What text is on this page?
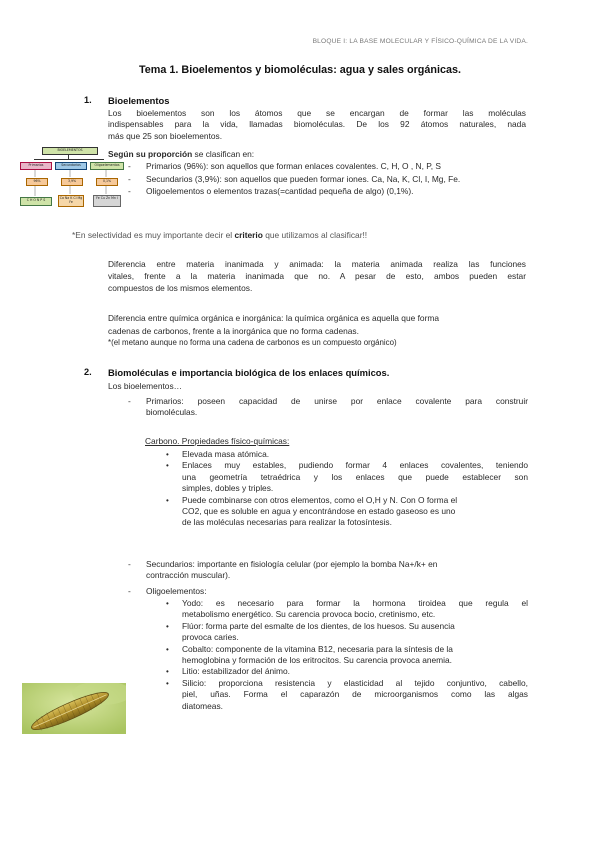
BLOQUE I: LA BASE MOLECULAR Y FÍSICO-QUÍMICA DE LA VIDA.
Tema 1. Bioelementos y biomoléculas: agua y sales orgánicas.
1. Bioelementos
Los bioelementos son los átomos que se encargan de formar las moléculas
indispensables para la vida, llamadas biomoléculas. De los 92 átomos naturales, nada
más que 25 son bioelementos.
Según su proporción se clasifican en:
-	Primarios (96%): son aquellos que forman enlaces covalentes. C, H, O , N, P, S
-	Secundarios (3,9%): son aquellos que pueden formar iones. Ca, Na, K, Cl, I, Mg, Fe.
-	Oligoelementos o elementos trazas(=cantidad pequeña de algo) (0,1%).
BIOELEMENTOS
Primarios	Secundarios	Oligoelementos
96%	3,9%	0,1%
C H O N P S	Ca Na K Cl Mg Fe
Fe Cu Zn Mn I
*En selectividad es muy importante decir el criterio que utilizamos al clasificar!!
Diferencia entre materia inanimada y animada: la materia animada realiza las funciones
vitales, frente a la materia inanimada que no. A pesar de esto, ambos pueden estar
compuestos de los mismos elementos.
Diferencia entre química orgánica e inorgánica: la química orgánica es aquella que forma
cadenas de carbonos, frente a la inorgánica que no forma cadenas.
*(el metano aunque no forma una cadena de carbonos es un compuesto orgánico)
2. Biomoléculas e importancia biológica de los enlaces químicos.
Los bioelementos…
-	Primarios: poseen capacidad de unirse por enlace covalente para construir
biomoléculas.
Carbono. Propiedades físico-químicas:
•	Elevada masa atómica.
•	Enlaces muy estables, pudiendo formar 4 enlaces covalentes, teniendo
una geometría tetraédrica y los enlaces que puede establecer son
simples, dobles y triples.
•	Puede combinarse con otros elementos, como el O,H y N. Con O forma el
CO2, que es soluble en agua y encontrándose en estado gaseoso es uno
de las moléculas necesarias para realizar la fotosíntesis.
-	Secundarios: importante en fisiología celular (por ejemplo la bomba Na+/k+ en
contracción muscular).
-	Oligoelementos:
•	Yodo: es necesario para formar la hormona tiroidea que regula el
metabolismo energético. Su carencia provoca bocio, cretinismo, etc.
•	Flúor: forma parte del esmalte de los dientes, de los huesos. Su ausencia
provoca caries.
•	Cobalto: componente de la vitamina B12, necesaria para la síntesis de la
hemoglobina y formación de los eritrocitos. Su carencia provoca anemia.
•	Litio: estabilizador del ánimo.
•	Silicio: proporciona resistencia y elasticidad al tejido conjuntivo, cabello,
piel, uñas. Forma el caparazón de microorganismos como las algas
diatomeas.
